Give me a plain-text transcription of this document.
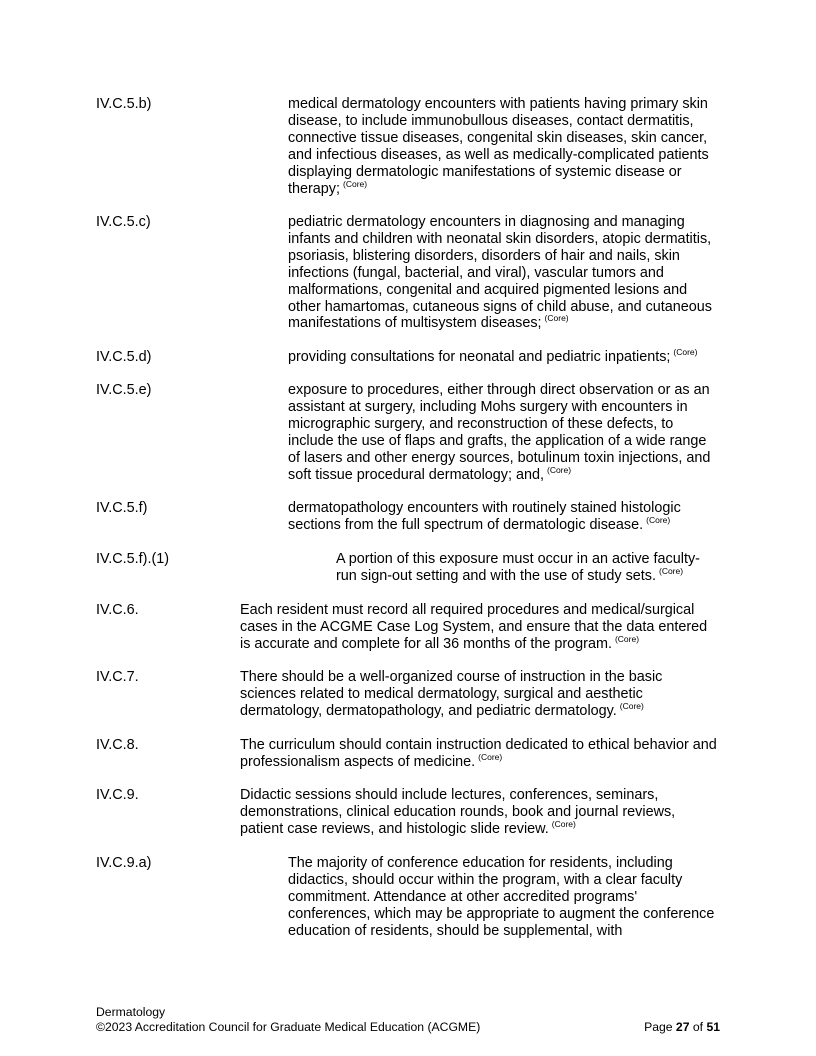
IV.C.5.b)	medical dermatology encounters with patients having primary skin disease, to include immunobullous diseases, contact dermatitis, connective tissue diseases, congenital skin diseases, skin cancer, and infectious diseases, as well as medically-complicated patients displaying dermatologic manifestations of systemic disease or therapy; $^{(Core)}$
IV.C.5.c)	pediatric dermatology encounters in diagnosing and managing infants and children with neonatal skin disorders, atopic dermatitis, psoriasis, blistering disorders, disorders of hair and nails, skin infections (fungal, bacterial, and viral), vascular tumors and malformations, congenital and acquired pigmented lesions and other hamartomas, cutaneous signs of child abuse, and cutaneous manifestations of multisystem diseases; $^{(Core)}$
IV.C.5.d)	providing consultations for neonatal and pediatric inpatients; $^{(Core)}$
IV.C.5.e)	exposure to procedures, either through direct observation or as an assistant at surgery, including Mohs surgery with encounters in micrographic surgery, and reconstruction of these defects, to include the use of flaps and grafts, the application of a wide range of lasers and other energy sources, botulinum toxin injections, and soft tissue procedural dermatology; and, $^{(Core)}$
IV.C.5.f)	dermatopathology encounters with routinely stained histologic sections from the full spectrum of dermatologic disease. $^{(Core)}$
IV.C.5.f).(1)	A portion of this exposure must occur in an active faculty-run sign-out setting and with the use of study sets. $^{(Core)}$
IV.C.6.	Each resident must record all required procedures and medical/surgical cases in the ACGME Case Log System, and ensure that the data entered is accurate and complete for all 36 months of the program. $^{(Core)}$
IV.C.7.	There should be a well-organized course of instruction in the basic sciences related to medical dermatology, surgical and aesthetic dermatology, dermatopathology, and pediatric dermatology. $^{(Core)}$
IV.C.8.	The curriculum should contain instruction dedicated to ethical behavior and professionalism aspects of medicine. $^{(Core)}$
IV.C.9.	Didactic sessions should include lectures, conferences, seminars, demonstrations, clinical education rounds, book and journal reviews, patient case reviews, and histologic slide review. $^{(Core)}$
IV.C.9.a)	The majority of conference education for residents, including didactics, should occur within the program, with a clear faculty commitment. Attendance at other accredited programs' conferences, which may be appropriate to augment the conference education of residents, should be supplemental, with
Dermatology
©2023 Accreditation Council for Graduate Medical Education (ACGME)	Page 27 of 51
